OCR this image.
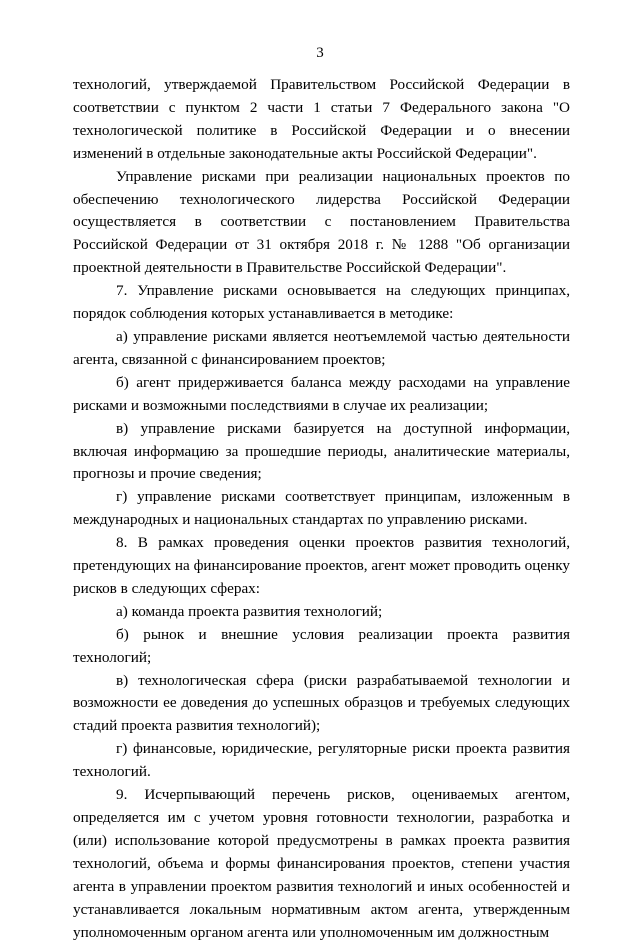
3

технологий, утверждаемой Правительством Российской Федерации в соответствии с пунктом 2 части 1 статьи 7 Федерального закона "О технологической политике в Российской Федерации и о внесении изменений в отдельные законодательные акты Российской Федерации".

Управление рисками при реализации национальных проектов по обеспечению технологического лидерства Российской Федерации осуществляется в соответствии с постановлением Правительства Российской Федерации от 31 октября 2018 г. № 1288 "Об организации проектной деятельности в Правительстве Российской Федерации".

7. Управление рисками основывается на следующих принципах, порядок соблюдения которых устанавливается в методике:

а) управление рисками является неотъемлемой частью деятельности агента, связанной с финансированием проектов;

б) агент придерживается баланса между расходами на управление рисками и возможными последствиями в случае их реализации;

в) управление рисками базируется на доступной информации, включая информацию за прошедшие периоды, аналитические материалы, прогнозы и прочие сведения;

г) управление рисками соответствует принципам, изложенным в международных и национальных стандартах по управлению рисками.

8. В рамках проведения оценки проектов развития технологий, претендующих на финансирование проектов, агент может проводить оценку рисков в следующих сферах:

а) команда проекта развития технологий;

б) рынок и внешние условия реализации проекта развития технологий;

в) технологическая сфера (риски разрабатываемой технологии и возможности ее доведения до успешных образцов и требуемых следующих стадий проекта развития технологий);

г) финансовые, юридические, регуляторные риски проекта развития технологий.

9. Исчерпывающий перечень рисков, оцениваемых агентом, определяется им с учетом уровня готовности технологии, разработка и (или) использование которой предусмотрены в рамках проекта развития технологий, объема и формы финансирования проектов, степени участия агента в управлении проектом развития технологий и иных особенностей и устанавливается локальным нормативным актом агента, утвержденным уполномоченным органом агента или уполномоченным им должностным
